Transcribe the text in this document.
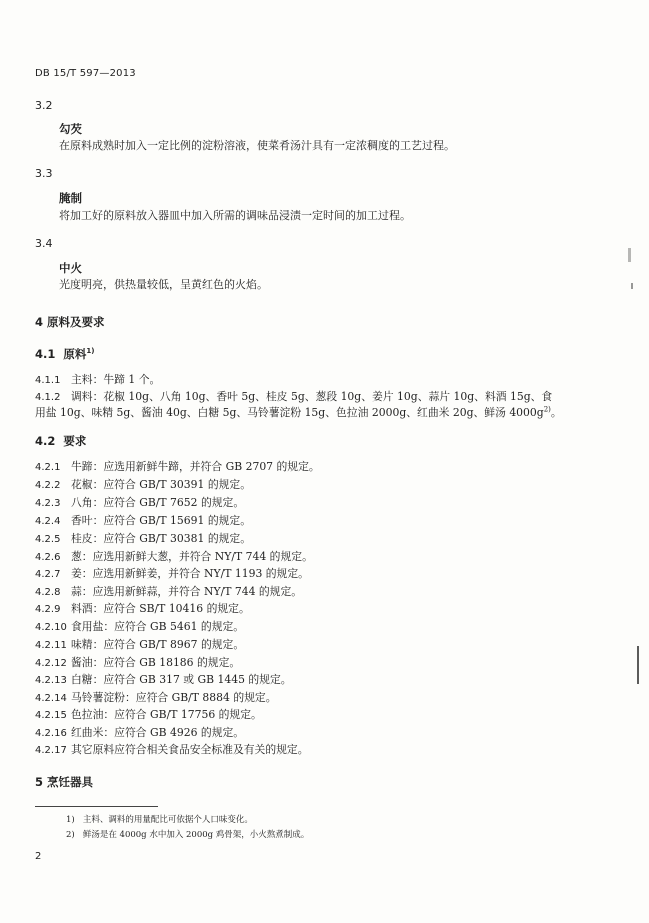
DB 15/T 597—2013
3.2
勾芡
在原料成熟时加入一定比例的淀粉溶液，使菜肴汤汁具有一定浓稠度的工艺过程。
3.3
腌制
将加工好的原料放入器皿中加入所需的调味品浸渍一定时间的加工过程。
3.4
中火
光度明亮，供热量较低，呈黄红色的火焰。
4 原料及要求
4.1 原料$^{1)}$
4.1.1 主料：牛蹄 1 个。
4.1.2 调料：花椒 10g、八角 10g、香叶 5g、桂皮 5g、葱段 10g、姜片 10g、蒜片 10g、料酒 15g、食
用盐 10g、味精 5g、酱油 40g、白糖 5g、马铃薯淀粉 15g、色拉油 2000g、红曲米 20g、鲜汤 $4000g^{2)}$。
4.2 要求
4.2.1 牛蹄：应选用新鲜牛蹄，并符合 GB 2707 的规定。
4.2.2 花椒：应符合 GB/T 30391 的规定。
4.2.3 八角：应符合 GB/T 7652 的规定。
4.2.4 香叶：应符合 GB/T 15691 的规定。
4.2.5 桂皮：应符合 GB/T 30381 的规定。
4.2.6 葱：应选用新鲜大葱，并符合 NY/T 744 的规定。
4.2.7 姜：应选用新鲜姜，并符合 NY/T 1193 的规定。
4.2.8 蒜：应选用新鲜蒜，并符合 NY/T 744 的规定。
4.2.9 料酒：应符合 SB/T 10416 的规定。
4.2.10 食用盐：应符合 GB 5461 的规定。
4.2.11 味精：应符合 GB/T 8967 的规定。
4.2.12 酱油：应符合 GB 18186 的规定。
4.2.13 白糖：应符合 GB 317 或 GB 1445 的规定。
4.2.14 马铃薯淀粉：应符合 GB/T 8884 的规定。
4.2.15 色拉油：应符合 GB/T 17756 的规定。
4.2.16 红曲米：应符合 GB 4926 的规定。
4.2.17 其它原料应符合相关食品安全标准及有关的规定。
5 烹饪器具
1) 主料、调料的用量配比可依据个人口味变化。
2) 鲜汤是在 4000g 水中加入 2000g 鸡骨架，小火熬煮制成。
2
